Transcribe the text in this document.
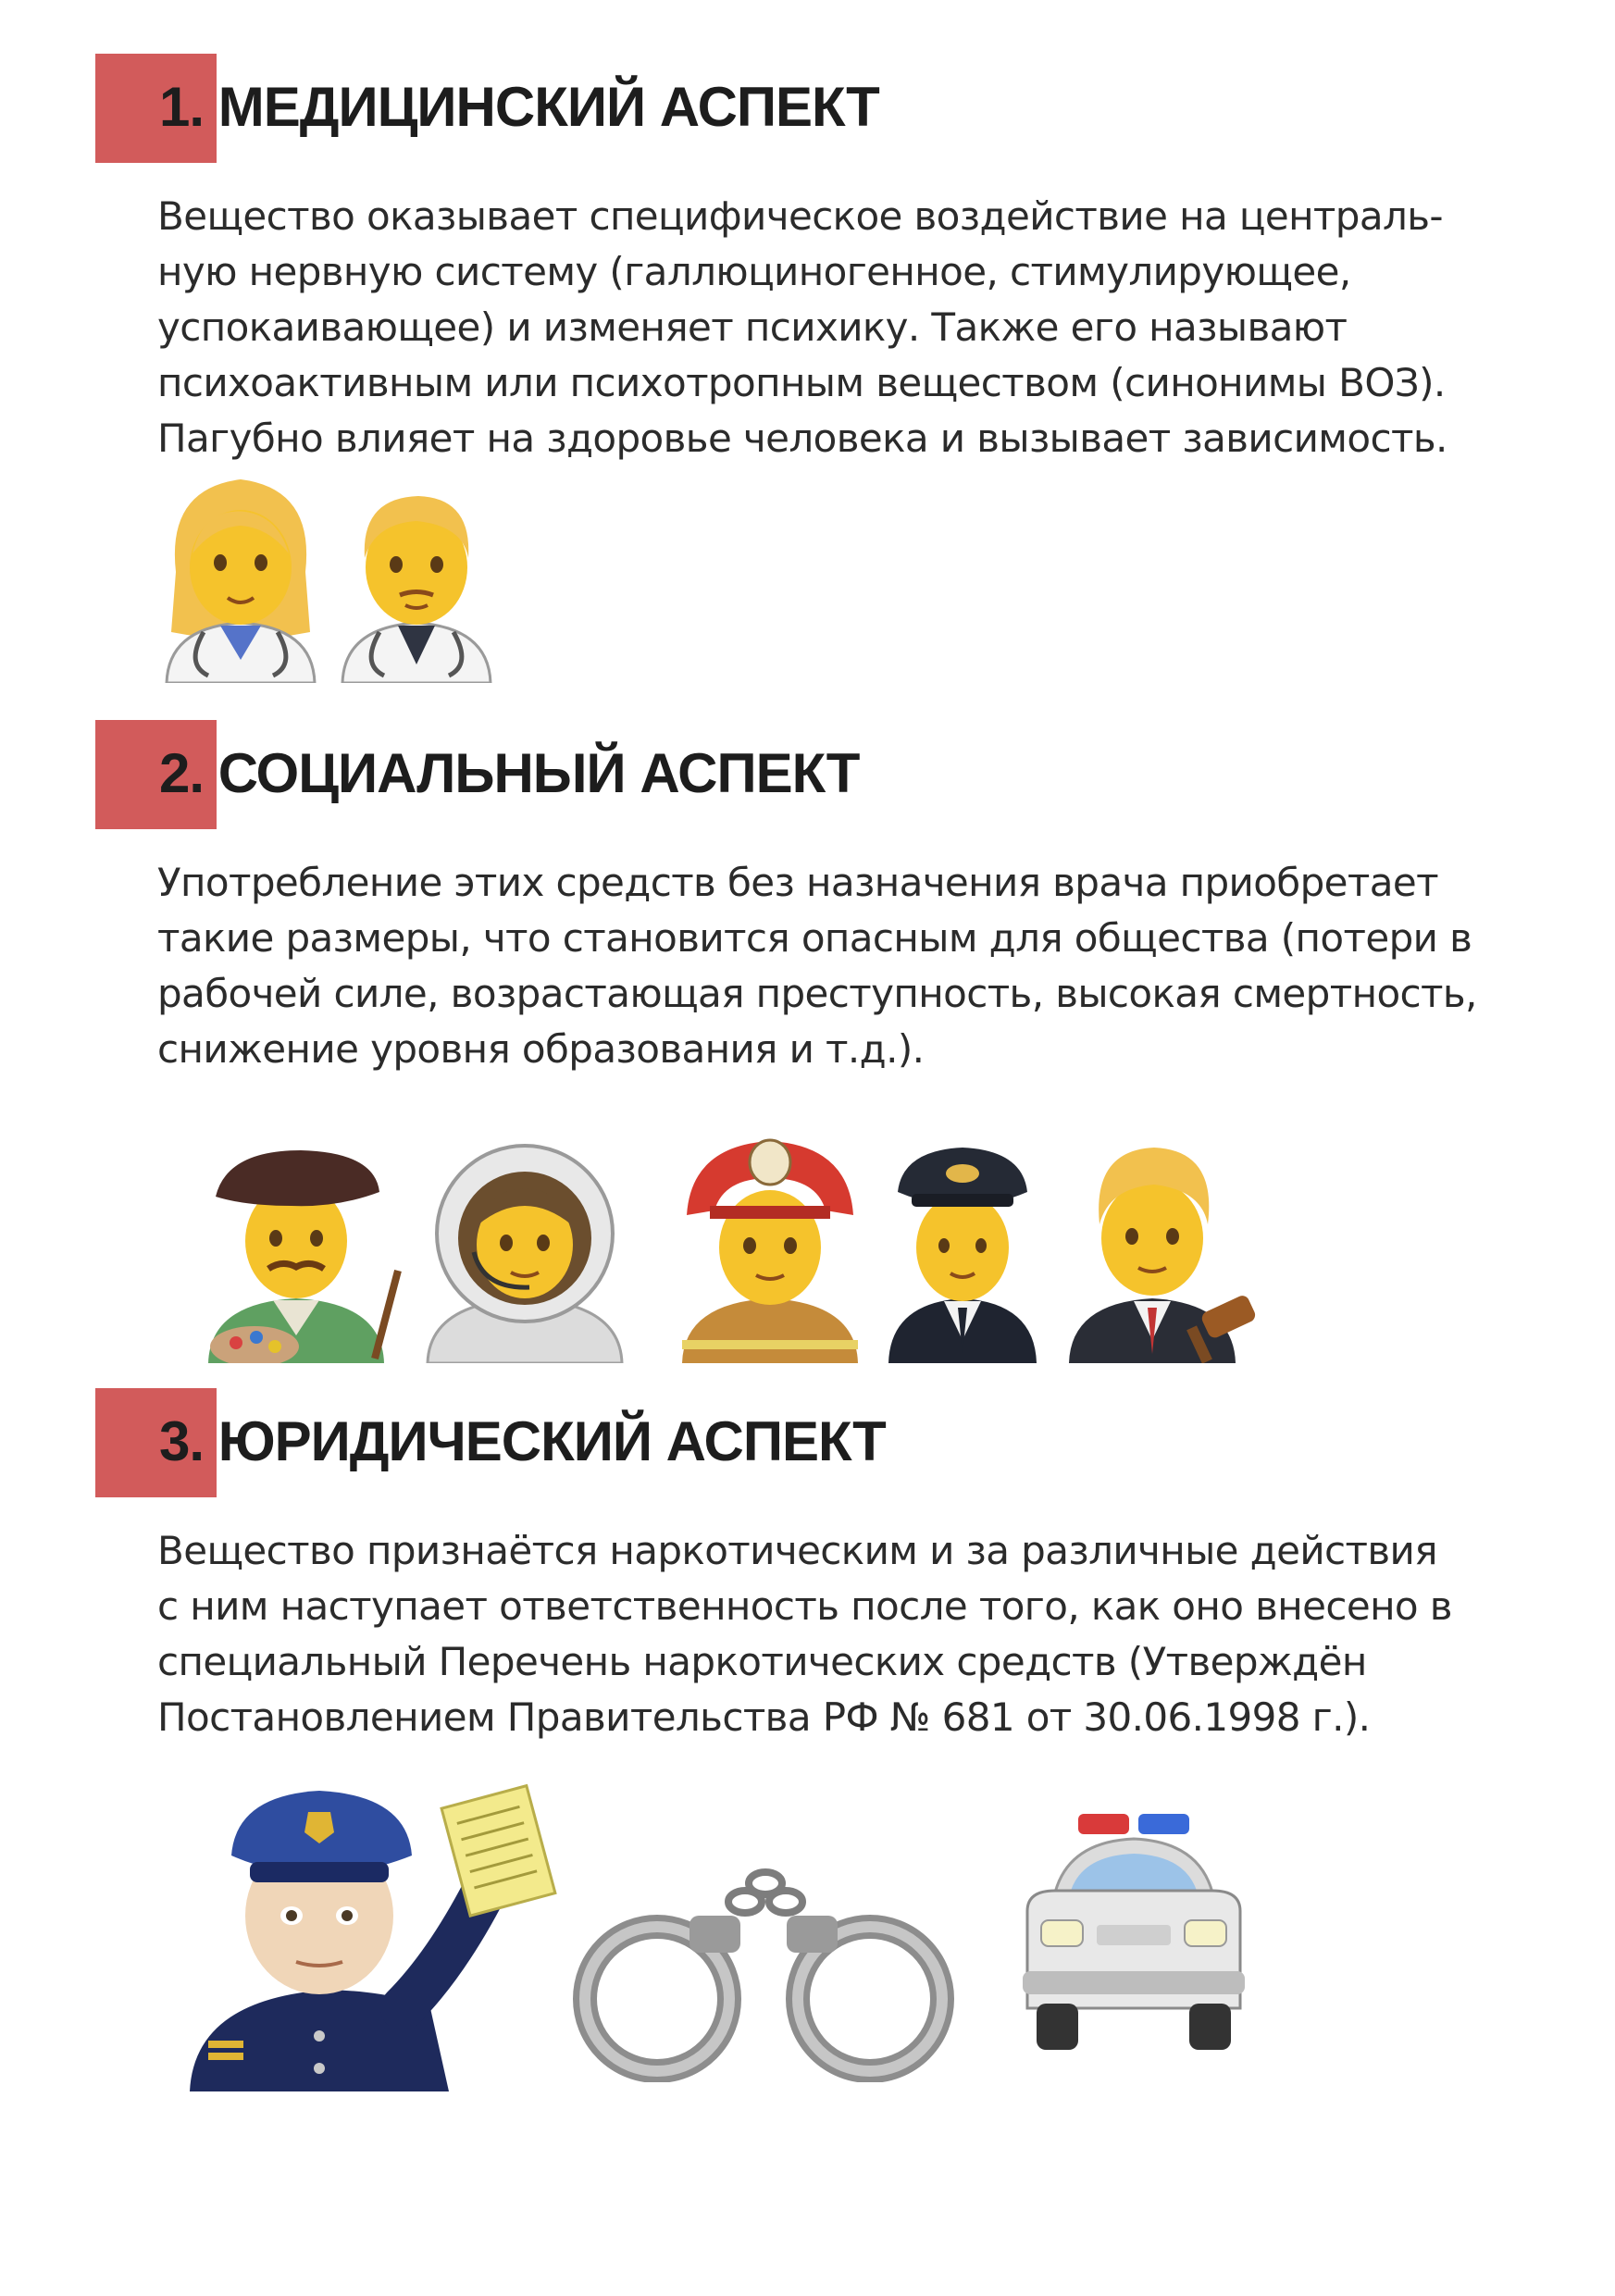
1. МЕДИЦИНСКИЙ АСПЕКТ
Вещество оказывает специфическое воздействие на централь-
ную нервную систему (галлюциногенное, стимулирующее,
успокаивающее) и изменяет психику. Также его называют
психоактивным или психотропным веществом (синонимы ВОЗ).
Пагубно влияет на здоровье человека и вызывает зависимость.
2. СОЦИАЛЬНЫЙ АСПЕКТ
Употребление этих средств без назначения врача приобретает
такие размеры, что становится опасным для общества (потери в
рабочей силе, возрастающая преступность, высокая смертность,
снижение уровня образования и т.д.).
3. ЮРИДИЧЕСКИЙ АСПЕКТ
Вещество признаётся наркотическим и за различные действия
с ним наступает ответственность после того, как оно внесено в
специальный Перечень наркотических средств (Утверждён
Постановлением Правительства РФ № 681 от 30.06.1998 г.).
